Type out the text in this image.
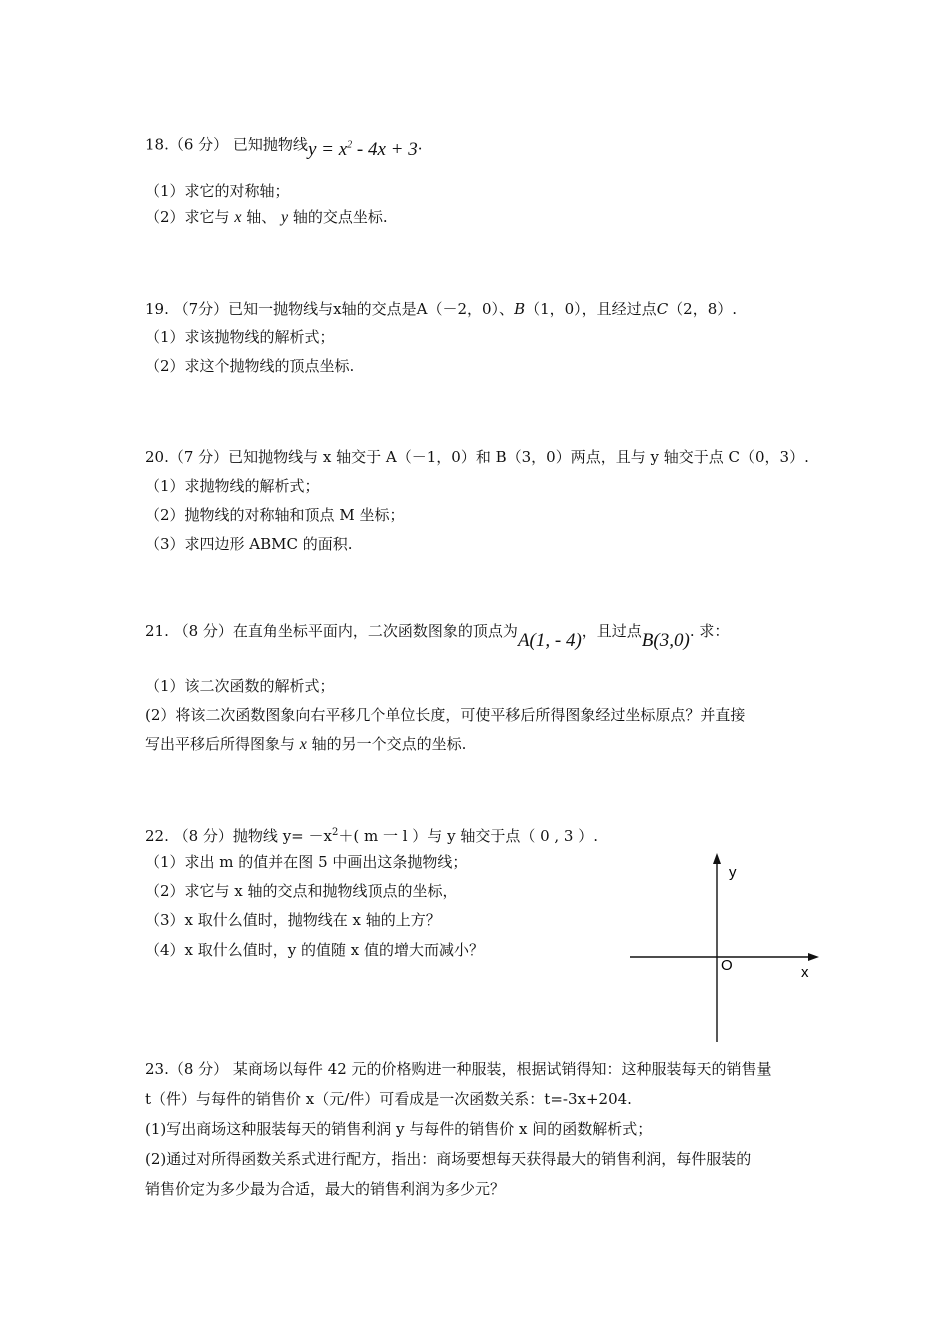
18.（6 分） 已知抛物线$y = x^2 - 4x + 3$.
（1）求它的对称轴；
（2）求它与 x 轴、 y 轴的交点坐标.
19. （7分）已知一抛物线与x轴的交点是A（－2，0）、B（1，0），且经过点C（2，8）.
（1）求该抛物线的解析式；
（2）求这个抛物线的顶点坐标.
20.（7 分）已知抛物线与 x 轴交于 A（－1，0）和 B（3，0）两点，且与 y 轴交于点 C（0，3）.
（1）求抛物线的解析式；
（2）抛物线的对称轴和顶点 M 坐标；
（3）求四边形 ABMC 的面积.
21. （8 分）在直角坐标平面内，二次函数图象的顶点为A(1, - 4)，且过点B(3,0). 求：
（1）该二次函数的解析式；
(2）将该二次函数图象向右平移几个单位长度，可使平移后所得图象经过坐标原点？并直接
写出平移后所得图象与 x 轴的另一个交点的坐标.
22. （8 分）抛物线 $y= -x^2+$( m 一 l ）与 y 轴交于点（ 0 , 3 ）.
（1）求出 m 的值并在图 5 中画出这条抛物线；
（2）求它与 x 轴的交点和抛物线顶点的坐标，
（3）x 取什么值时，抛物线在 x 轴的上方？
（4）x 取什么值时，y 的值随 x 值的增大而减小？
y
x
O
23.（8 分） 某商场以每件 42 元的价格购进一种服装，根据试销得知：这种服装每天的销售量
t（件）与每件的销售价 x（元/件）可看成是一次函数关系：t=-3x+204.
(1)写出商场这种服装每天的销售利润 y 与每件的销售价 x 间的函数解析式；
(2)通过对所得函数关系式进行配方，指出：商场要想每天获得最大的销售利润，每件服装的
销售价定为多少最为合适，最大的销售利润为多少元？
